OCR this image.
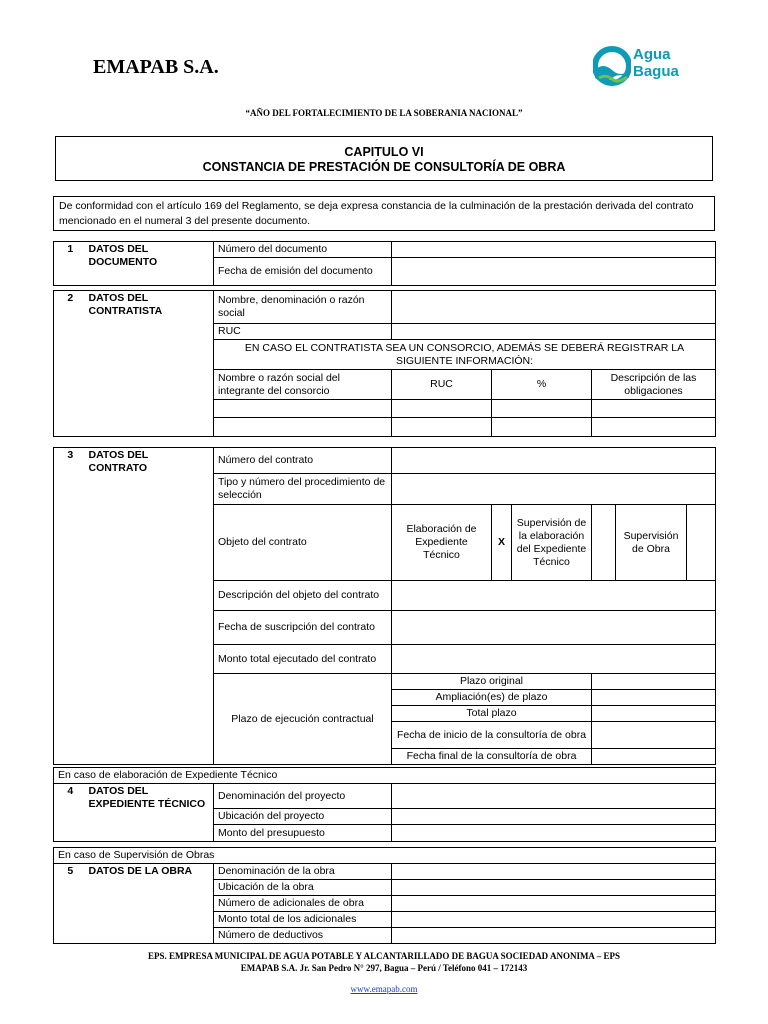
EMAPAB S.A.
Agua
Bagua
“AÑO DEL FORTALECIMIENTO DE LA SOBERANIA NACIONAL”
CAPITULO VI
CONSTANCIA DE PRESTACIÓN DE CONSULTORÍA DE OBRA
De conformidad con el artículo 169 del Reglamento, se deja expresa constancia de la culminación de la prestación derivada del contrato mencionado en el numeral 3 del presente documento.
1	DATOS DEL DOCUMENTO	Número del documento	
		Fecha de emisión del documento	
2	DATOS DEL CONTRATISTA	Nombre, denominación o razón social			
		RUC			
		EN CASO EL CONTRATISTA SEA UN CONSORCIO, ADEMÁS SE DEBERÁ REGISTRAR LA SIGUIENTE INFORMACIÓN:			
		Nombre o razón social del integrante del consorcio	RUC	%	Descripción de las obligaciones

3	DATOS DEL CONTRATO	Número del contrato						
		Tipo y número del procedimiento de selección						
		Objeto del contrato	Elaboración de Expediente Técnico	X	Supervisión de la elaboración del Expediente Técnico		Supervisión de Obra	
		Descripción del objeto del contrato						
		Fecha de suscripción del contrato						
		Monto total ejecutado del contrato						
		Plazo de ejecución contractual	Plazo original					
			Ampliación(es) de plazo					
			Total plazo					
			Fecha de inicio de la consultoría de obra					
			Fecha final de la consultoría de obra					
En caso de elaboración de Expediente Técnico			
4	DATOS DEL EXPEDIENTE TÉCNICO	Denominación del proyecto	
		Ubicación del proyecto	
		Monto del presupuesto	
En caso de Supervisión de Obras			
5	DATOS DE LA OBRA	Denominación de la obra	
		Ubicación de la obra	
		Número de adicionales de obra	
		Monto total de los adicionales	
		Número de deductivos	
EPS. EMPRESA MUNICIPAL DE AGUA POTABLE Y ALCANTARILLADO DE BAGUA SOCIEDAD ANONIMA – EPS
EMAPAB S.A. Jr. San Pedro N° 297, Bagua – Perú / Teléfono 041 – 172143
www.emapab.com
